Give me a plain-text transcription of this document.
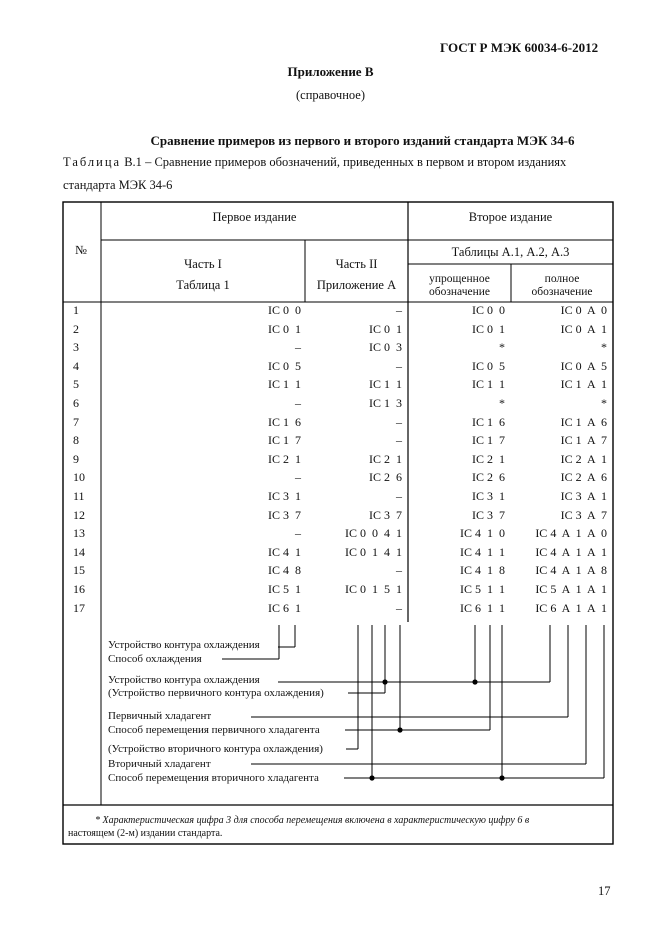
ГОСТ Р МЭК 60034-6-2012
Приложение В
(справочное)
Сравнение примеров из первого и второго изданий стандарта МЭК 34-6
Таблица В.1 – Сравнение примеров обозначений, приведенных в первом и втором изданиях
стандарта МЭК 34-6
№
Первое издание	Второе издание
Часть I
Таблица 1
Часть II
Приложение А
Таблицы А.1, А.2, А.3
упрощенное
обозначение
полное
обозначение
1	IC 0  0	–	IC 0  0	IC 0  A  0
2	IC 0  1	IC 0  1	IC 0  1	IC 0  A  1
3	–	IC 0  3	*	*
4	IC 0  5	–	IC 0  5	IC 0  A  5
5	IC 1  1	IC 1  1	IC 1  1	IC 1  A  1
6	–	IC 1  3	*	*
7	IC 1  6	–	IC 1  6	IC 1  A  6
8	IC 1  7	–	IC 1  7	IC 1  A  7
9	IC 2  1	IC 2  1	IC 2  1	IC 2  A  1
10	–	IC 2  6	IC 2  6	IC 2  A  6
11	IC 3  1	–	IC 3  1	IC 3  A  1
12	IC 3  7	IC 3  7	IC 3  7	IC 3  A  7
13	–	IC 0  0  4  1	IC 4  1  0	IC 4  A  1  A  0
14	IC 4  1	IC 0  1  4  1	IC 4  1  1	IC 4  A  1  A  1
15	IC 4  8	–	IC 4  1  8	IC 4  A  1  A  8
16	IC 5  1	IC 0  1  5  1	IC 5  1  1	IC 5  A  1  A  1
17	IC 6  1	–	IC 6  1  1	IC 6  A  1  A  1
Устройство контура охлаждения
Способ охлаждения
Устройство контура охлаждения
(Устройство первичного контура охлаждения)
Первичный хладагент
Способ перемещения первичного хладагента
(Устройство вторичного контура охлаждения)
Вторичный хладагент
Способ перемещения вторичного хладагента
* Характеристическая цифра 3 для способа перемещения включена в характеристическую цифру 6 в
настоящем (2-м) издании стандарта.
17
